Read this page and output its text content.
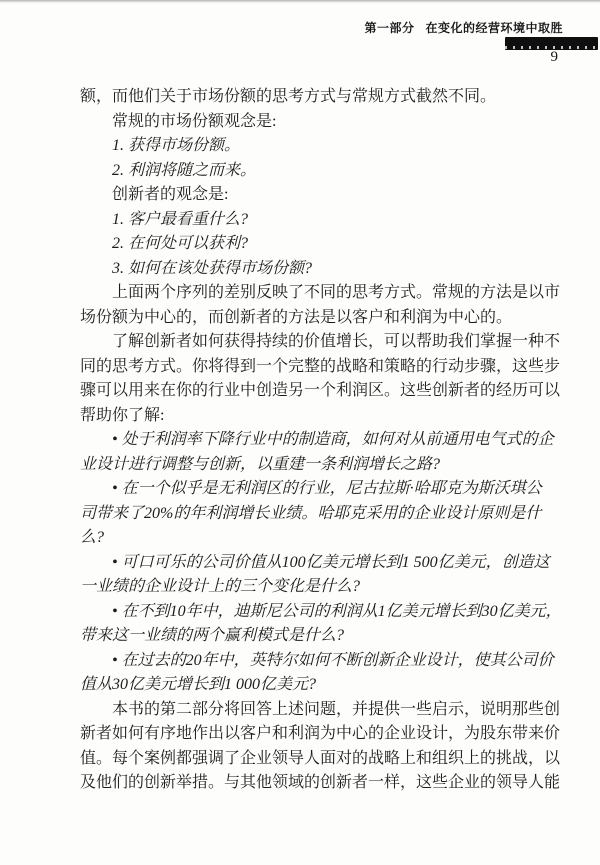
第一部分 在变化的经营环境中取胜
9
额，而他们关于市场份额的思考方式与常规方式截然不同。
常规的市场份额观念是:
1. 获得市场份额。
2. 利润将随之而来。
创新者的观念是:
1. 客户最看重什么?
2. 在何处可以获利?
3. 如何在该处获得市场份额?
上面两个序列的差别反映了不同的思考方式。常规的方法是以市
场份额为中心的，而创新者的方法是以客户和利润为中心的。
了解创新者如何获得持续的价值增长，可以帮助我们掌握一种不
同的思考方式。你将得到一个完整的战略和策略的行动步骤，这些步
骤可以用来在你的行业中创造另一个利润区。这些创新者的经历可以
帮助你了解:
• 处于利润率下降行业中的制造商，如何对从前通用电气式的企
业设计进行调整与创新，以重建一条利润增长之路?
• 在一个似乎是无利润区的行业，尼古拉斯·哈耶克为斯沃琪公
司带来了20%的年利润增长业绩。哈耶克采用的企业设计原则是什
么?
• 可口可乐的公司价值从100亿美元增长到1 500亿美元，创造这
一业绩的企业设计上的三个变化是什么?
• 在不到10年中，迪斯尼公司的利润从1亿美元增长到30亿美元，
带来这一业绩的两个赢利模式是什么?
• 在过去的20年中，英特尔如何不断创新企业设计，使其公司价
值从30亿美元增长到1 000亿美元?
本书的第二部分将回答上述问题，并提供一些启示，说明那些创
新者如何有序地作出以客户和利润为中心的企业设计，为股东带来价
值。每个案例都强调了企业领导人面对的战略上和组织上的挑战，以
及他们的创新举措。与其他领域的创新者一样，这些企业的领导人能
